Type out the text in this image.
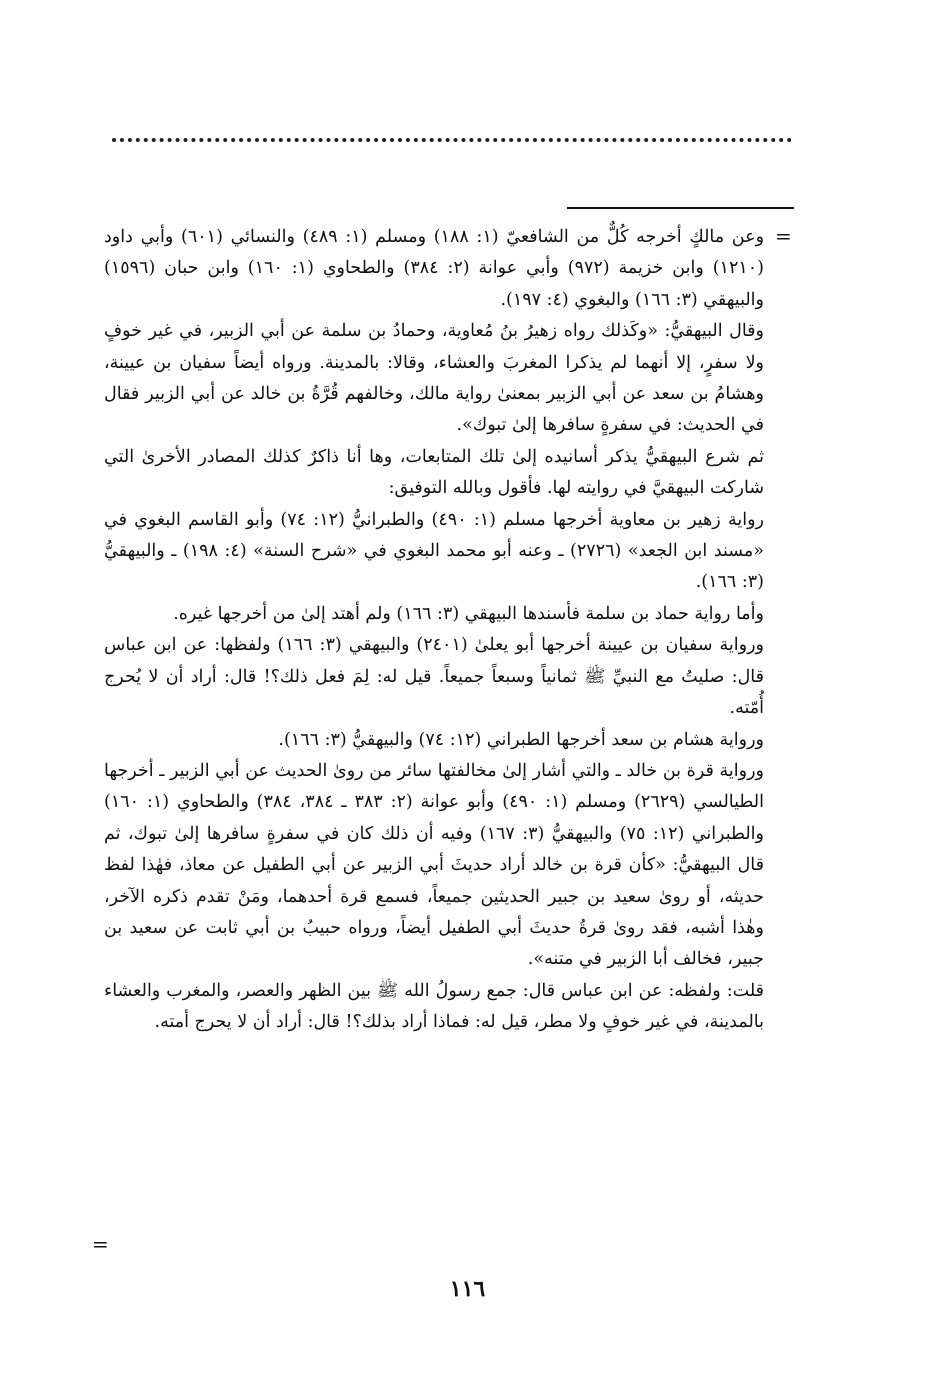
=

وعن مالكٍ أخرجه كُلٌّ من الشافعيّ (١: ١٨٨) ومسلم (١: ٤٨٩) والنسائي (٦٠١) وأبي داود (١٢١٠) وابن خزيمة (٩٧٢) وأبي عوانة (٢: ٣٨٤) والطحاوي (١: ١٦٠) وابن حبان (١٥٩٦) والبيهقي (٣: ١٦٦) والبغوي (٤: ١٩٧).

وقال البيهقيُّ: «وكَذلك رواه زهيرُ بنُ مُعاوية، وحمادُ بن سلمة عن أبي الزبير، في غير خوفٍ ولا سفرٍ، إلا أنهما لم يذكرا المغربَ والعشاء، وقالا: بالمدينة. ورواه أيضاً سفيان بن عيينة، وهشامُ بن سعد عن أبي الزبير بمعنىٰ رواية مالك، وخالفهم قُرَّةُ بن خالد عن أبي الزبير فقال في الحديث: في سفرةٍ سافرها إلىٰ تبوك».

ثم شرع البيهقيُّ يذكر أسانيده إلىٰ تلك المتابعات، وها أنا ذاكرٌ كذلك المصادر الأخرىٰ التي شاركت البيهقيَّ في روايته لها. فأقول وبالله التوفيق:

رواية زهير بن معاوية أخرجها مسلم (١: ٤٩٠) والطبرانيُّ (١٢: ٧٤) وأبو القاسم البغوي في «مسند ابن الجعد» (٢٧٢٦) ـ وعنه أبو محمد البغوي في «شرح السنة» (٤: ١٩٨) ـ والبيهقيُّ (٣: ١٦٦).

وأما رواية حماد بن سلمة فأسندها البيهقي (٣: ١٦٦) ولم أهتد إلىٰ من أخرجها غيره.

ورواية سفيان بن عيينة أخرجها أبو يعلىٰ (٢٤٠١) والبيهقي (٣: ١٦٦) ولفظها: عن ابن عباس قال: صليتُ مع النبيِّ ﷺ ثمانياً وسبعاً جميعاً. قيل له: لِمَ فعل ذلك؟! قال: أراد أن لا يُحرج أُمّته.

ورواية هشام بن سعد أخرجها الطبراني (١٢: ٧٤) والبيهقيُّ (٣: ١٦٦).

ورواية قرة بن خالد ـ والتي أشار إلىٰ مخالفتها سائر من روىٰ الحديث عن أبي الزبير ـ أخرجها الطيالسي (٢٦٢٩) ومسلم (١: ٤٩٠) وأبو عوانة (٢: ٣٨٣ ـ ٣٨٤، ٣٨٤) والطحاوي (١: ١٦٠) والطبراني (١٢: ٧٥) والبيهقيُّ (٣: ١٦٧) وفيه أن ذلك كان في سفرةٍ سافرها إلىٰ تبوك، ثم قال البيهقيُّ: «كأن قرة بن خالد أراد حديثَ أبي الزبير عن أبي الطفيل عن معاذ، فهٰذا لفظ حديثه، أو روىٰ سعيد بن جبير الحديثين جميعاً، فسمع قرة أحدهما، ومَنْ تقدم ذكره الآخر، وهٰذا أشبه، فقد روىٰ قرةُ حديثَ أبي الطفيل أيضاً، ورواه حبيبُ بن أبي ثابت عن سعيد بن جبير، فخالف أبا الزبير في متنه».

قلت: ولفظه: عن ابن عباس قال: جمع رسولُ الله ﷺ بين الظهر والعصر، والمغرب والعشاء بالمدينة، في غير خوفٍ ولا مطر، قيل له: فماذا أراد بذلك؟! قال: أراد أن لا يحرج أمته.

=
١١٦
